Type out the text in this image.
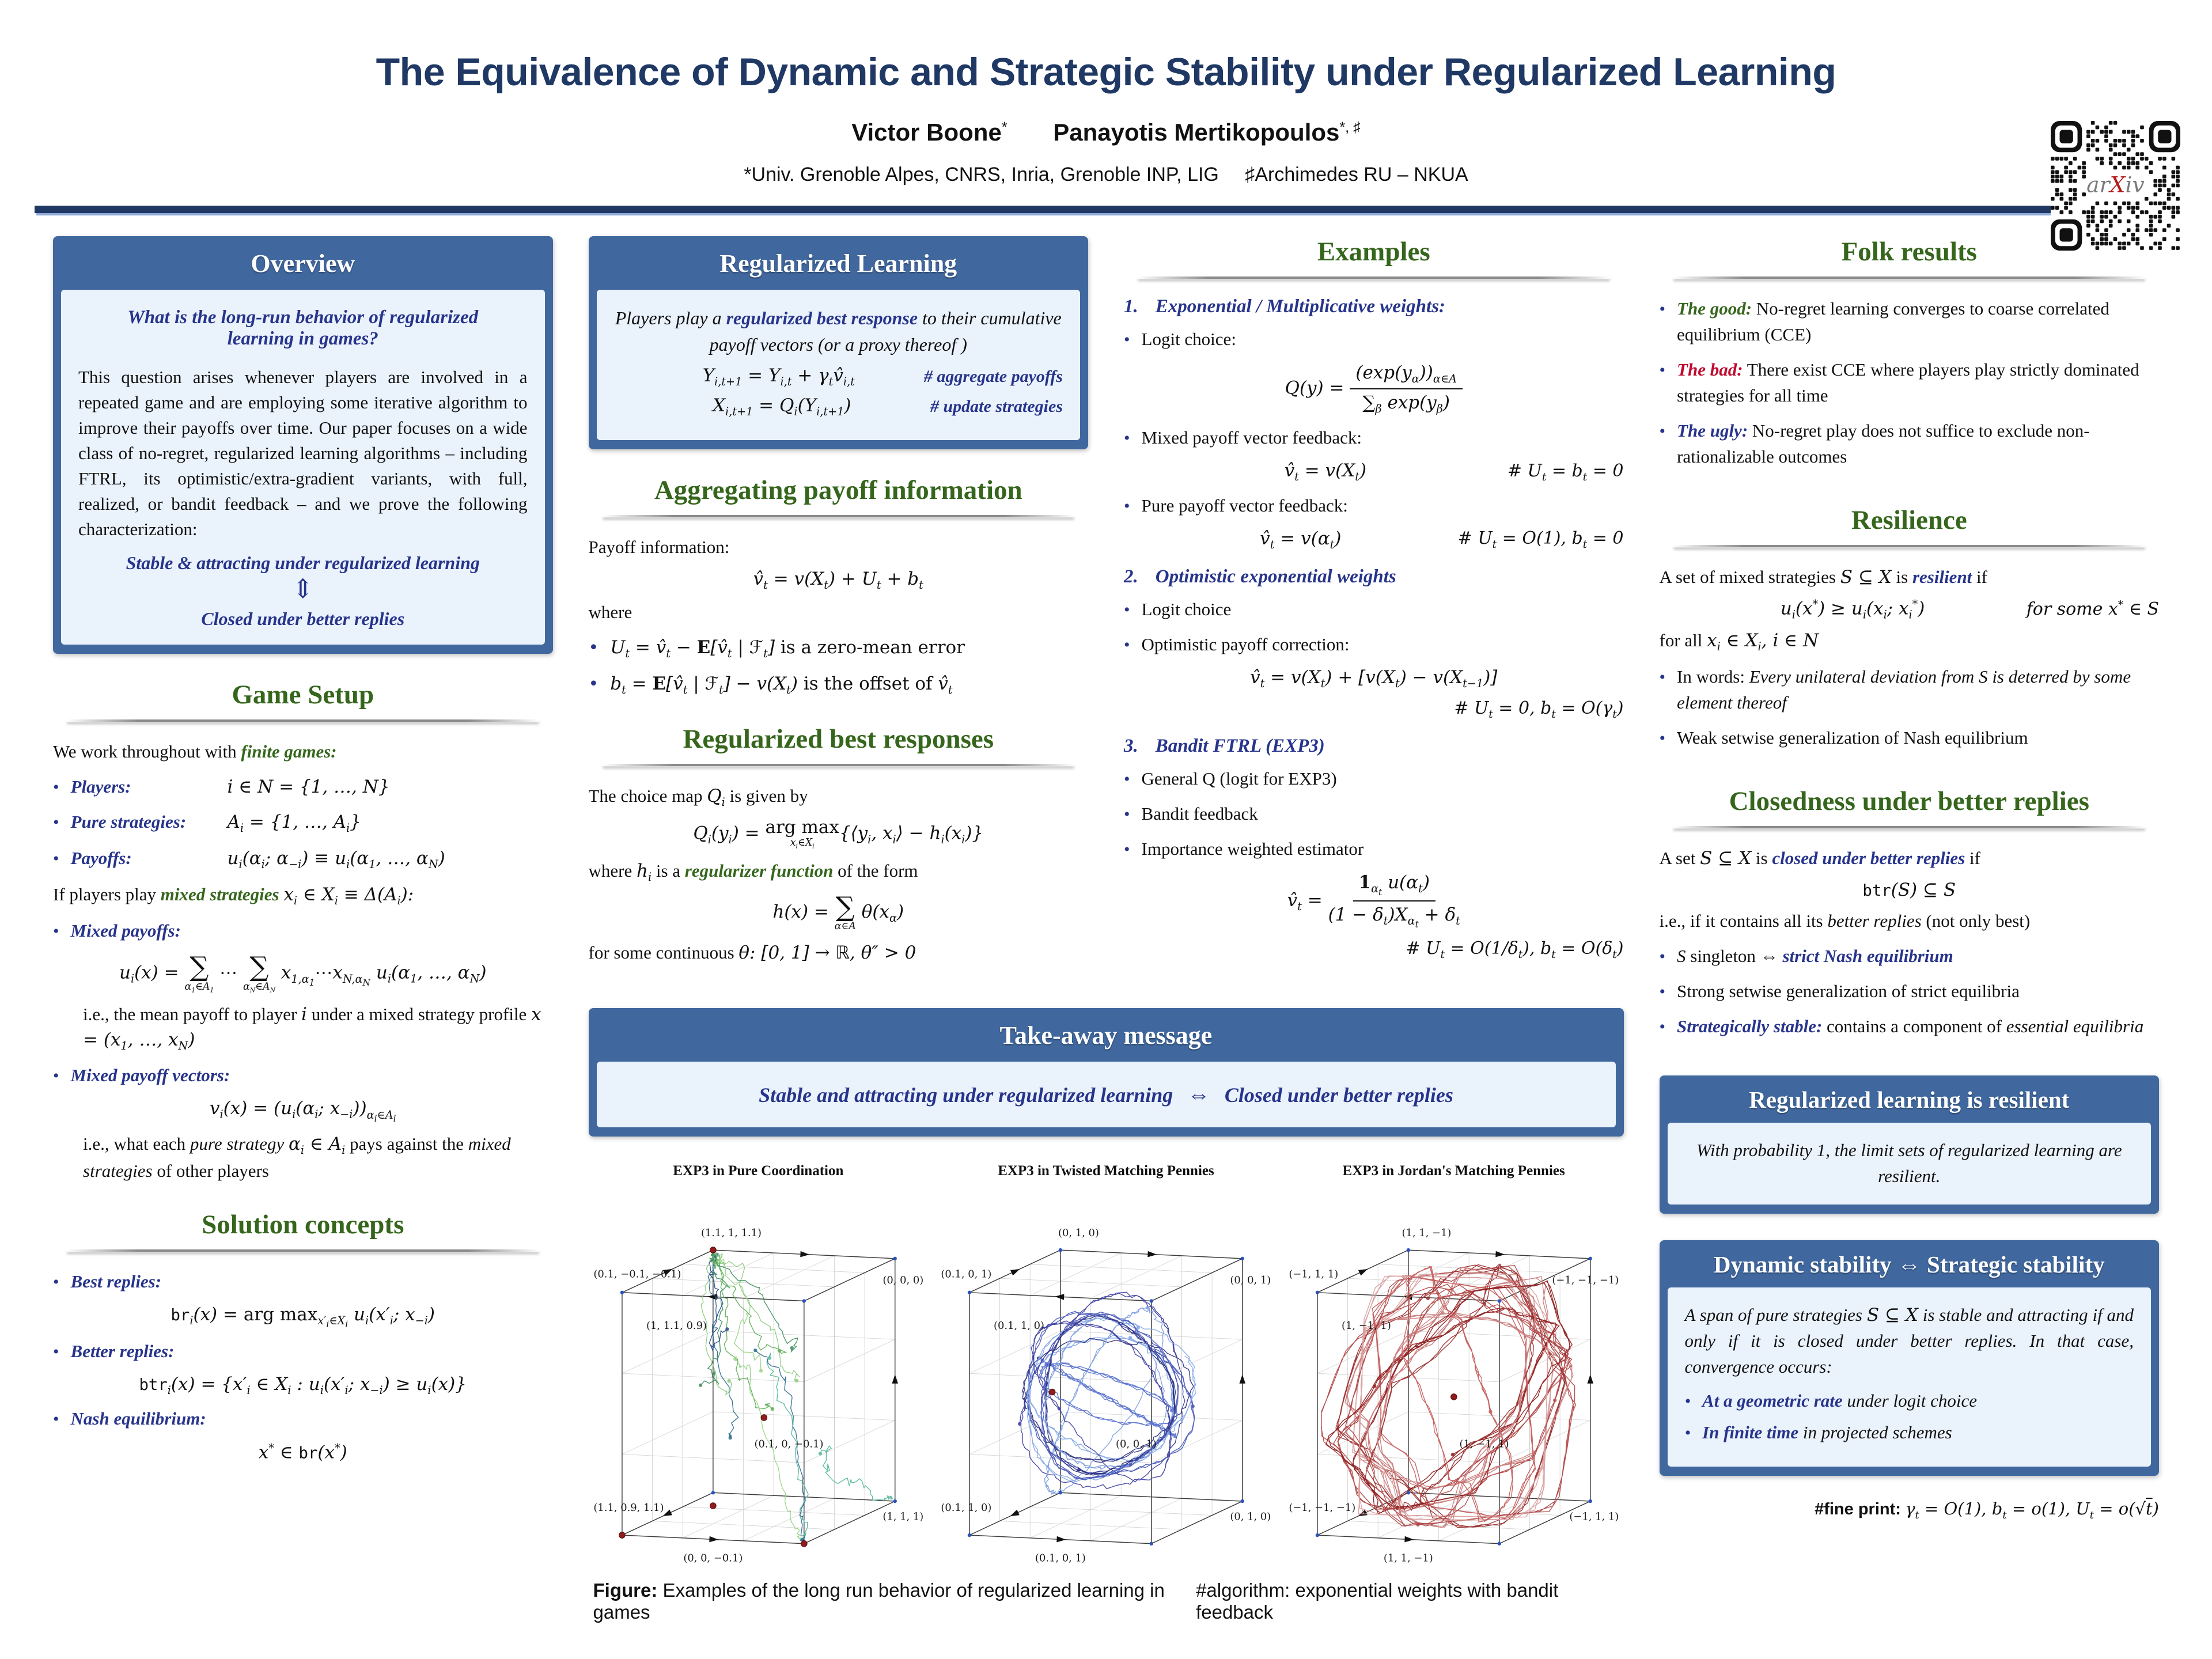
The Equivalence of Dynamic and Strategic Stability under Regularized Learning
Victor Boone* Panayotis Mertikopoulos*, ♯
*Univ. Grenoble Alpes, CNRS, Inria, Grenoble INP, LIG ♯Archimedes RU – NKUA	arXiv
Overview

What is the long-run behavior of regularized learning in games?

This question arises whenever players are involved in a repeated game and are employing some iterative algorithm to improve their payoffs over time. Our paper focuses on a wide class of no-regret, regularized learning algorithms – including FTRL, its optimistic/extra-gradient variants, with full, realized, or bandit feedback – and we prove the following characterization:

Stable & attracting under regularized learning

⇕

Closed under better replies

Game Setup

We work throughout with finite games:

• Players:	i ∈ N = {1, …, N}
• Pure strategies:	$A_i = \{1$, …, $A_i$}
• Payoffs:	$u_i(\alpha_i$; $\alpha_{-i}) \equiv u_i(\alpha_1$, …, $\alpha_N$)

If players play mixed strategies $x_i$ ∈ $X_i \equiv \Delta(A_i)$:

• Mixed payoffs:
$u_i(x)$ = ∑
$\alpha_1\in A_1$
⋯ ∑
$\alpha_N\in A_N$
$x_{1,\alpha_1}\cdots x_{N,\alpha_N}$ $u_i(\alpha_1$, …, $\alpha_N$)

i.e., the mean payoff to player i under a mixed strategy profile $x = (x_1$, …, $x_N$)

• Mixed payoff vectors:
$v_i(x) = (u_i(\alpha_i$; $x_{-i}))_{\alpha_i\in A_i}$

i.e., what each pure strategy $\alpha_i$ ∈ $A_i$ pays against the mixed strategies of other players

Solution concepts
• Best replies:
$br_i(x)$ = arg $\max_{x'_i\in X_i} u_i(x'_i$; $x_{-i}$)
• Better replies:
$btr_i(x) = \{x'_i$ ∈ $X_i$ : $u_i(x'_i$; $x_{-i}) \ge u_i(x)$}
• Nash equilibrium:
x* ∈ br(x*)
Regularized Learning

Players play a regularized best response to their cumulative payoff vectors (or a proxy thereof )

$Y_{i,t+1} = Y_{i,t}$ + $\gamma_tv̂_{i,t}$	# aggregate payoffs
$X_{i,t+1} = Q_i(Y_{i,t+1})$	# update strategies
Aggregating payoff information

Payoff information:

$v̂_t = v(X_t) + U_t + b_t$

where

• $U_t$ = $v̂_t$ − $E[v̂_t$ | ℱ$_t$] is a zero-mean error
• $b_t$ = $E[v̂_t$ | ℱ$_t$] − $v(X_t)$ is the offset of $v̂_t$
Regularized best responses

The choice map $Q_i$ is given by

$Q_i(y_i)$ = arg max
$x_i\in X_i$
{$⟨y_i$, $x_i⟩ - h_i(x_i)$}

where $h_i$ is a regularizer function of the form

h(x) = ∑
α∈A
$\theta(x_\alpha)$

for some continuous θ: [0, 1] → ℝ, θ″ > 0

Examples
1. Exponential / Multiplicative weights:
• Logit choice:
$Q(y) = \frac{(\exp(y_\alpha))_{\alpha\in A}}{\sum_\beta \exp(y_\beta)}$
• Mixed payoff vector feedback:
$v̂_t = v(X_t)$	# $U_t = b_t = 0$
• Pure payoff vector feedback:
$v̂_t = v(\alpha_t)$	# $U_t = O(1)$, $b_t = 0$
2. Optimistic exponential weights
• Logit choice
• Optimistic payoff correction:
$v̂_t = v(X_t) + [v(X_t) - v(X_{t-1})]$
# $U_t = 0$, $b_t = O(\gamma_t)$
3. Bandit FTRL (EXP3)
• General Q (logit for EXP3)
• Bandit feedback
• Importance weighted estimator
$v̂_t = \frac{1_{\alpha_t} u(\alpha_t)}{(1 - \delta_t)X_{\alpha_t} + \delta_t}$
# $U_t = O(1/\delta_t)$, $b_t = O(\delta_t)$
Folk results
• The good: No-regret learning converges to coarse correlated equilibrium (CCE)
• The bad: There exist CCE where players play strictly dominated strategies for all time
• The ugly: No-regret play does not suffice to exclude non-rationalizable outcomes
Resilience

A set of mixed strategies S ⊆ X is resilient if

$u_i(x^*) \ge u_i(x_i$; $x_i^*$)	for some x* ∈ S

for all $x_i$ ∈ $X_i$, i ∈ N

• In words: Every unilateral deviation from S is deterred by some element thereof
• Weak setwise generalization of Nash equilibrium
Closedness under better replies

A set S ⊆ X is closed under better replies if

btr(S) ⊆ S

i.e., if it contains all its better replies (not only best)

• S singleton ⇔ strict Nash equilibrium
• Strong setwise generalization of strict equilibria
• Strategically stable: contains a component of essential equilibria
Regularized learning is resilient
With probability 1, the limit sets of regularized learning are resilient.
Dynamic stability ⇔ Strategic stability

A span of pure strategies S ⊆ X is stable and attracting if and only if it is closed under better replies. In that case, convergence occurs:

• At a geometric rate under logit choice
• In finite time in projected schemes
#fine print: $\gamma_t = O(1)$, $b_t = o(1)$, $U_t = o(√t)$
Take-away message
Stable and attracting under regularized learning ⇔ Closed under better replies
EXP3 in Pure Coordination
(1.1, 1, 1.1)
(0.1, −0.1, −0.1)
(0, 0, 0)
(1, 1.1, 0.9)
(0.1, 0, −0.1)
(1.1, 0.9, 1.1)
(1, 1, 1)
(0, 0, −0.1)
EXP3 in Twisted Matching Pennies
(0, 1, 0)
(0.1, 0, 1)
(0, 0, 1)
(0.1, 1, 0)
(0, 0, 1)
(0.1, 1, 0)
(0, 1, 0)
(0.1, 0, 1)
EXP3 in Jordan's Matching Pennies
(1, 1, −1)
(−1, 1, 1)
(−1, −1, −1)
(1, −1, 1)
(1, −1, 1)
(−1, −1, −1)
(−1, 1, 1)
(1, 1, −1)
Figure: Examples of the long run behavior of regularized learning in games
#algorithm: exponential weights with bandit feedback
